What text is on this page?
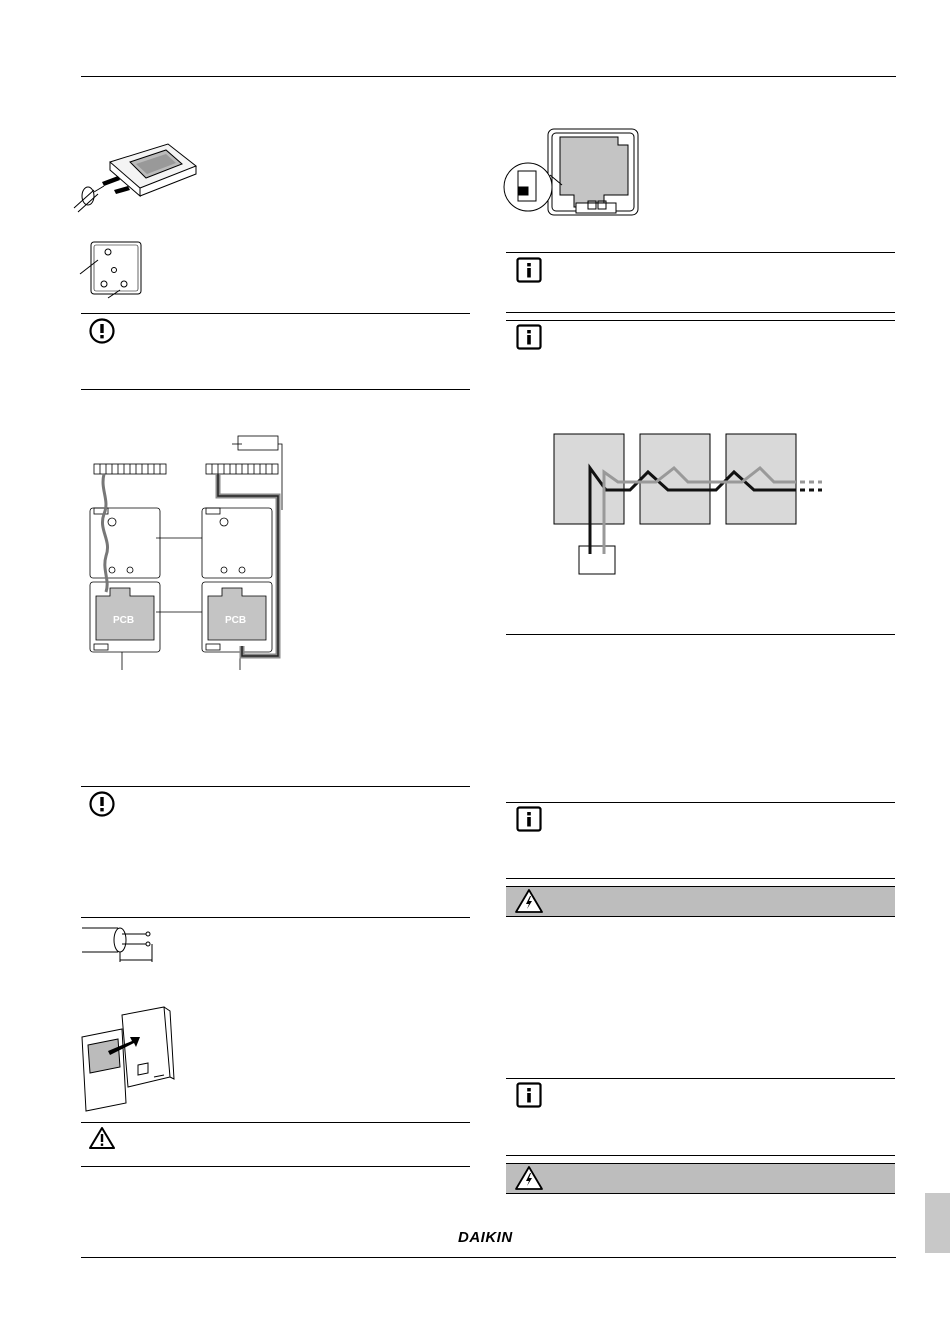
PCB	PCB
DAIKIN
